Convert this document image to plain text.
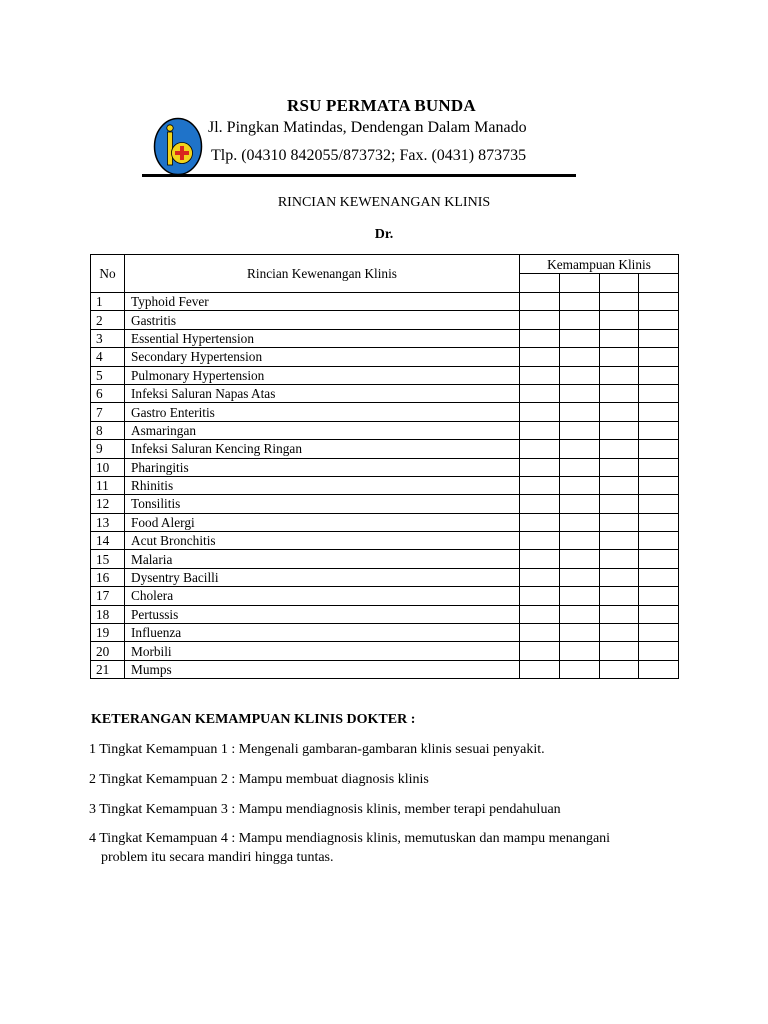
RSU PERMATA BUNDA
Jl. Pingkan Matindas, Dendengan Dalam Manado
Tlp. (04310 842055/873732; Fax. (0431) 873735
RINCIAN KEWENANGAN KLINIS
Dr.
No	Rincian Kewenangan Klinis	Kemampuan Klinis			

1	Typhoid Fever				
2	Gastritis				
3	Essential Hypertension				
4	Secondary Hypertension				
5	Pulmonary Hypertension				
6	Infeksi Saluran Napas Atas				
7	Gastro Enteritis				
8	Asmaringan				
9	Infeksi Saluran Kencing Ringan				
10	Pharingitis				
11	Rhinitis				
12	Tonsilitis				
13	Food Alergi				
14	Acut Bronchitis				
15	Malaria				
16	Dysentry Bacilli				
17	Cholera				
18	Pertussis				
19	Influenza				
20	Morbili				
21	Mumps				
KETERANGAN KEMAMPUAN KLINIS DOKTER :
1 Tingkat Kemampuan 1 : Mengenali gambaran-gambaran klinis sesuai penyakit.
2 Tingkat Kemampuan 2 : Mampu membuat diagnosis klinis
3 Tingkat Kemampuan 3 : Mampu mendiagnosis klinis, member terapi pendahuluan
4 Tingkat Kemampuan 4 : Mampu mendiagnosis klinis, memutuskan dan mampu menangani
problem itu secara mandiri hingga tuntas.
